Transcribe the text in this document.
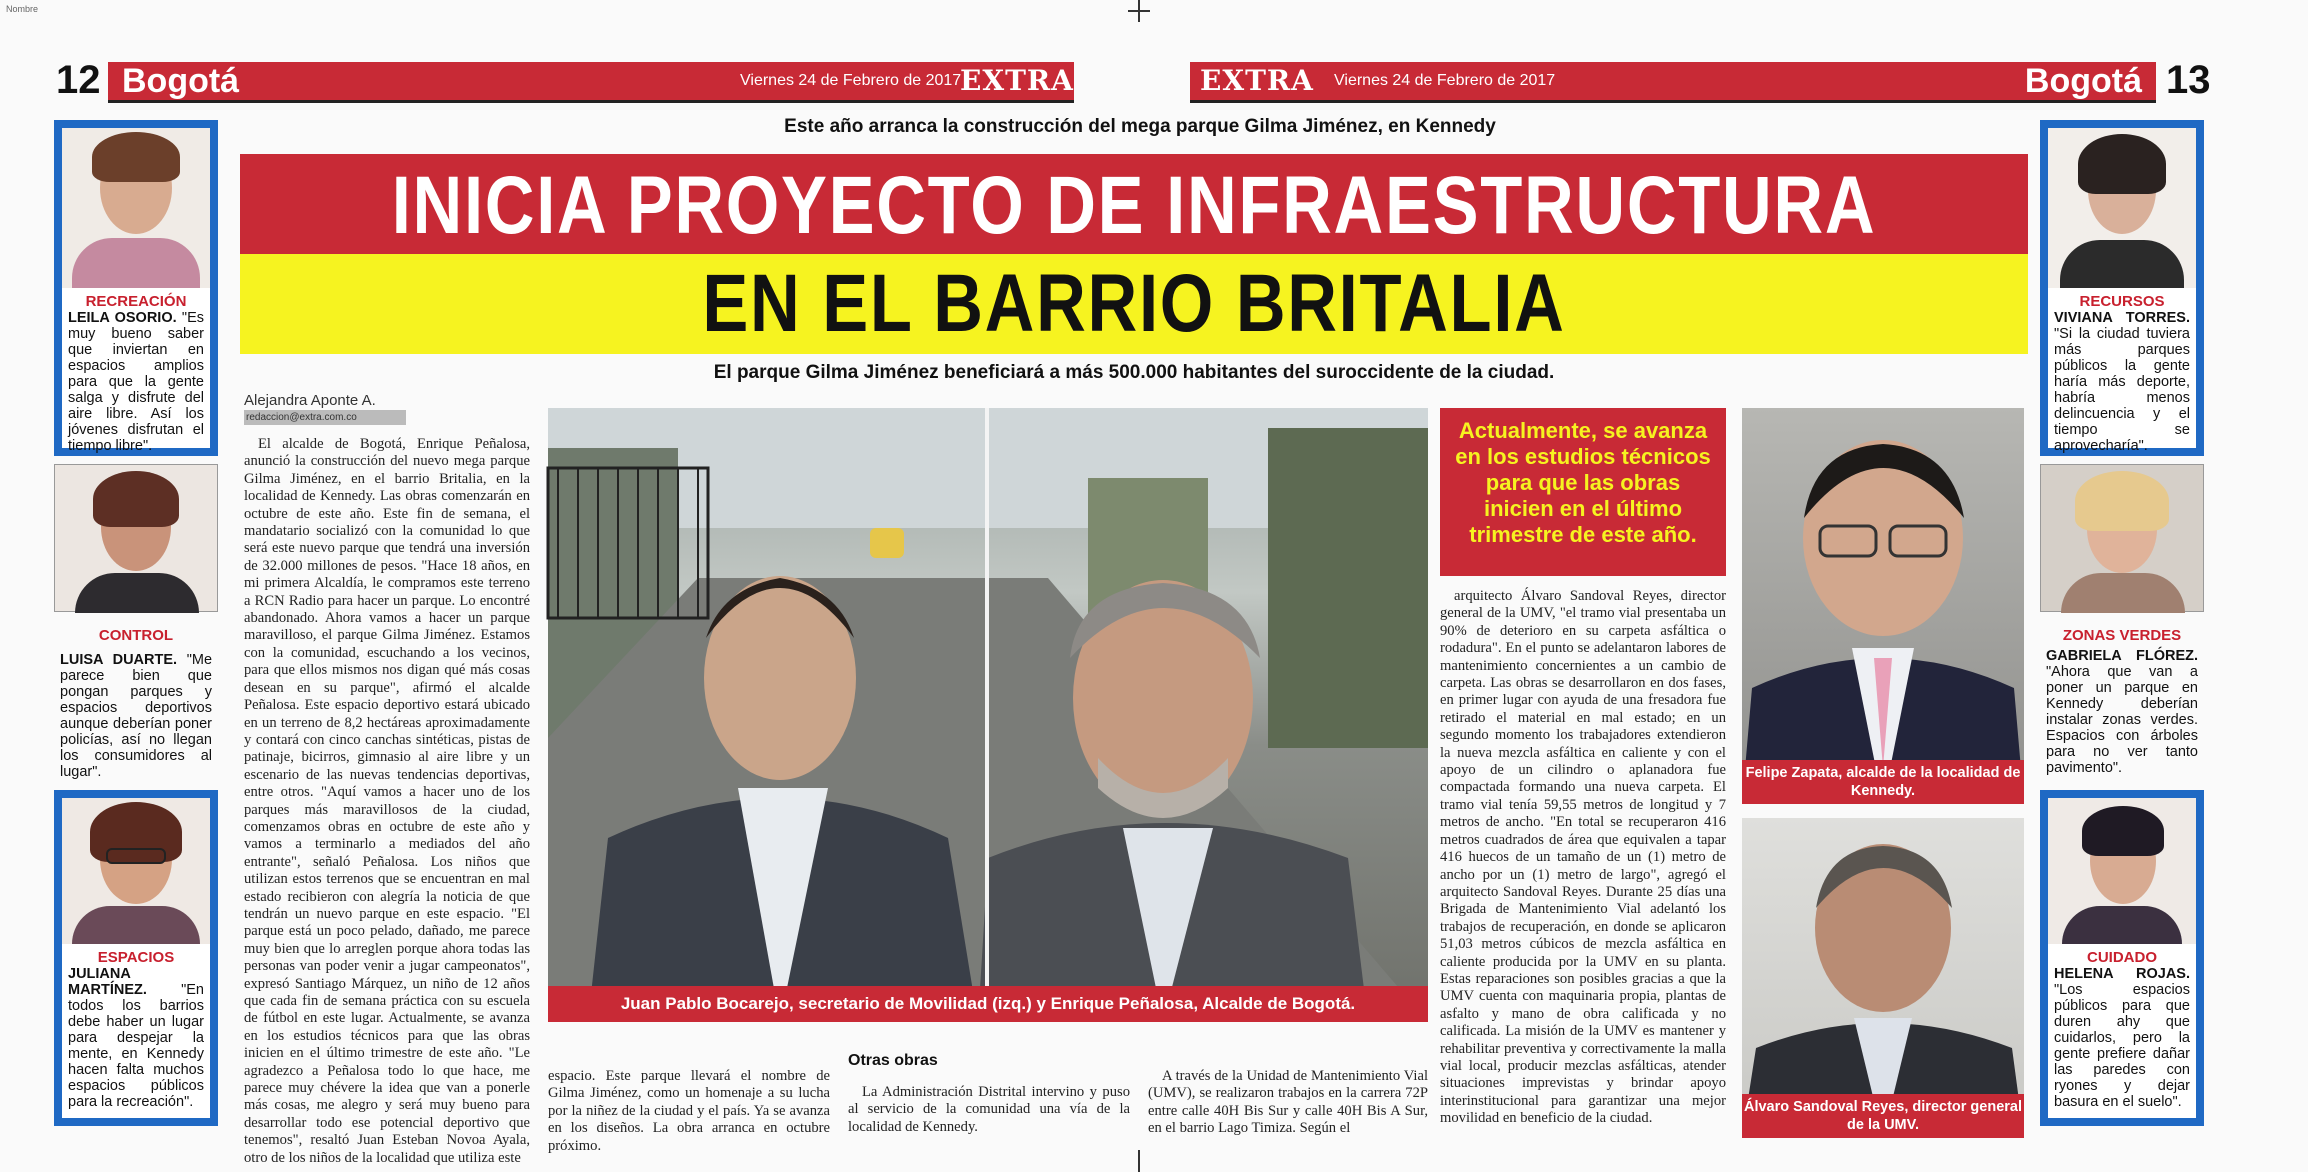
Nombre
12 Bogotá	Viernes 24 de Febrero de 2017
EXTRA	EXTRA Viernes 24 de Febrero de 2017	Bogotá 13
Este año arranca la construcción del mega parque Gilma Jiménez, en Kennedy
INICIA PROYECTO DE INFRAESTRUCTURA
EN EL BARRIO BRITALIA
El parque Gilma Jiménez beneficiará a más 500.000 habitantes del suroccidente de la ciudad.
Alejandra Aponte A.
redaccion@extra.com.co
El alcalde de Bogotá, Enrique Peñalosa, anunció la construcción del nuevo mega parque Gilma Jiménez, en el barrio Britalia, en la localidad de Kennedy. Las obras comenzarán en octubre de este año. Este fin de semana, el mandatario socializó con la comunidad lo que será este nuevo parque que tendrá una inversión de 32.000 millones de pesos. "Hace 18 años, en mi primera Alcaldía, le compramos este terreno a RCN Radio para hacer un parque. Lo encontré abandonado. Ahora vamos a hacer un parque maravilloso, el parque Gilma Jiménez. Estamos con la comunidad, escuchando a los vecinos, para que ellos mismos nos digan qué más cosas desean en su parque", afirmó el alcalde Peñalosa. Este espacio deportivo estará ubicado en un terreno de 8,2 hectáreas aproximadamente y contará con cinco canchas sintéticas, pistas de patinaje, bicirros, gimnasio al aire libre y un escenario de las nuevas tendencias deportivas, entre otros. "Aquí vamos a hacer uno de los parques más maravillosos de la ciudad, comenzamos obras en octubre de este año y vamos a terminarlo a mediados del año entrante", señaló Peñalosa. Los niños que utilizan estos terrenos que se encuentran en mal estado recibieron con alegría la noticia de que tendrán un nuevo parque en este espacio. "El parque está un poco pelado, dañado, me parece muy bien que lo arreglen porque ahora todas las personas van poder venir a jugar campeonatos", expresó Santiago Márquez, un niño de 12 años que cada fin de semana práctica con su escuela de fútbol en este lugar. Actualmente, se avanza en los estudios técnicos para que las obras inicien en el último trimestre de este año. "Le agradezco a Peñalosa todo lo que hace, me parece muy chévere la idea que van a ponerle más cosas, me alegro y será muy bueno para desarrollar todo ese potencial deportivo que tenemos", resaltó Juan Esteban Novoa Ayala, otro de los niños de la localidad que utiliza este
Juan Pablo Bocarejo, secretario de Movilidad (izq.) y Enrique Peñalosa, Alcalde de Bogotá.
espacio. Este parque llevará el nombre de Gilma Jiménez, como un homenaje a su lucha por la niñez de la ciudad y el país. Ya se avanza en los diseños. La obra arranca en octubre próximo.
Otras obras
La Administración Distrital intervino y puso al servicio de la comunidad una vía de la localidad de Kennedy.
A través de la Unidad de Mantenimiento Vial (UMV), se realizaron trabajos en la carrera 72P entre calle 40H Bis Sur y calle 40H Bis A Sur, en el barrio Lago Timiza. Según el
Actualmente, se avanza en los estudios técnicos para que las obras inicien en el último trimestre de este año.
arquitecto Álvaro Sandoval Reyes, director general de la UMV, "el tramo vial presentaba un 90% de deterioro en su carpeta asfáltica o rodadura". En el punto se adelantaron labores de mantenimiento concernientes a un cambio de carpeta. Las obras se desarrollaron en dos fases, en primer lugar con ayuda de una fresadora fue retirado el material en mal estado; en un segundo momento los trabajadores extendieron la nueva mezcla asfáltica en caliente y con el apoyo de un cilindro o aplanadora fue compactada formando una nueva carpeta. El tramo vial tenía 59,55 metros de longitud y 7 metros de ancho. "En total se recuperaron 416 metros cuadrados de área que equivalen a tapar 416 huecos de un tamaño de un (1) metro de ancho por un (1) metro de largo", agregó el arquitecto Sandoval Reyes. Durante 25 días una Brigada de Mantenimiento Vial adelantó los trabajos de recuperación, en donde se aplicaron 51,03 metros cúbicos de mezcla asfáltica en caliente producida por la UMV en su planta. Estas reparaciones son posibles gracias a que la UMV cuenta con maquinaria propia, plantas de asfalto y mano de obra calificada y no calificada. La misión de la UMV es mantener y rehabilitar preventiva y correctivamente la malla vial local, producir mezclas asfálticas, atender situaciones imprevistas y brindar apoyo interinstitucional para garantizar una mejor movilidad en beneficio de la ciudad.
Felipe Zapata, alcalde de la localidad de Kennedy.
Álvaro Sandoval Reyes, director general de la UMV.
RECREACIÓN
LEILA OSORIO. "Es muy bueno saber que inviertan en espacios amplios para que la gente salga y disfrute del aire libre. Así los jóvenes disfrutan el tiempo libre".
CONTROL
LUISA DUARTE. "Me parece bien que pongan parques y espacios deportivos aunque deberían poner policías, así no llegan los consumidores al lugar".
ESPACIOS
JULIANA MARTÍNEZ. "En todos los barrios debe haber un lugar para despejar la mente, en Kennedy hacen falta muchos espacios públicos para la recreación".
RECURSOS
VIVIANA TORRES. "Si la ciudad tuviera más parques públicos la gente haría más deporte, habría menos delincuencia y el tiempo se aprovecharía".
ZONAS VERDES
GABRIELA FLÓREZ. "Ahora que van a poner un parque en Kennedy deberían instalar zonas verdes. Espacios con árboles para no ver tanto pavimento".
CUIDADO
HELENA ROJAS. "Los espacios públicos para que duren ahy que cuidarlos, pero la gente prefiere dañar las paredes con ryones y dejar basura en el suelo".
